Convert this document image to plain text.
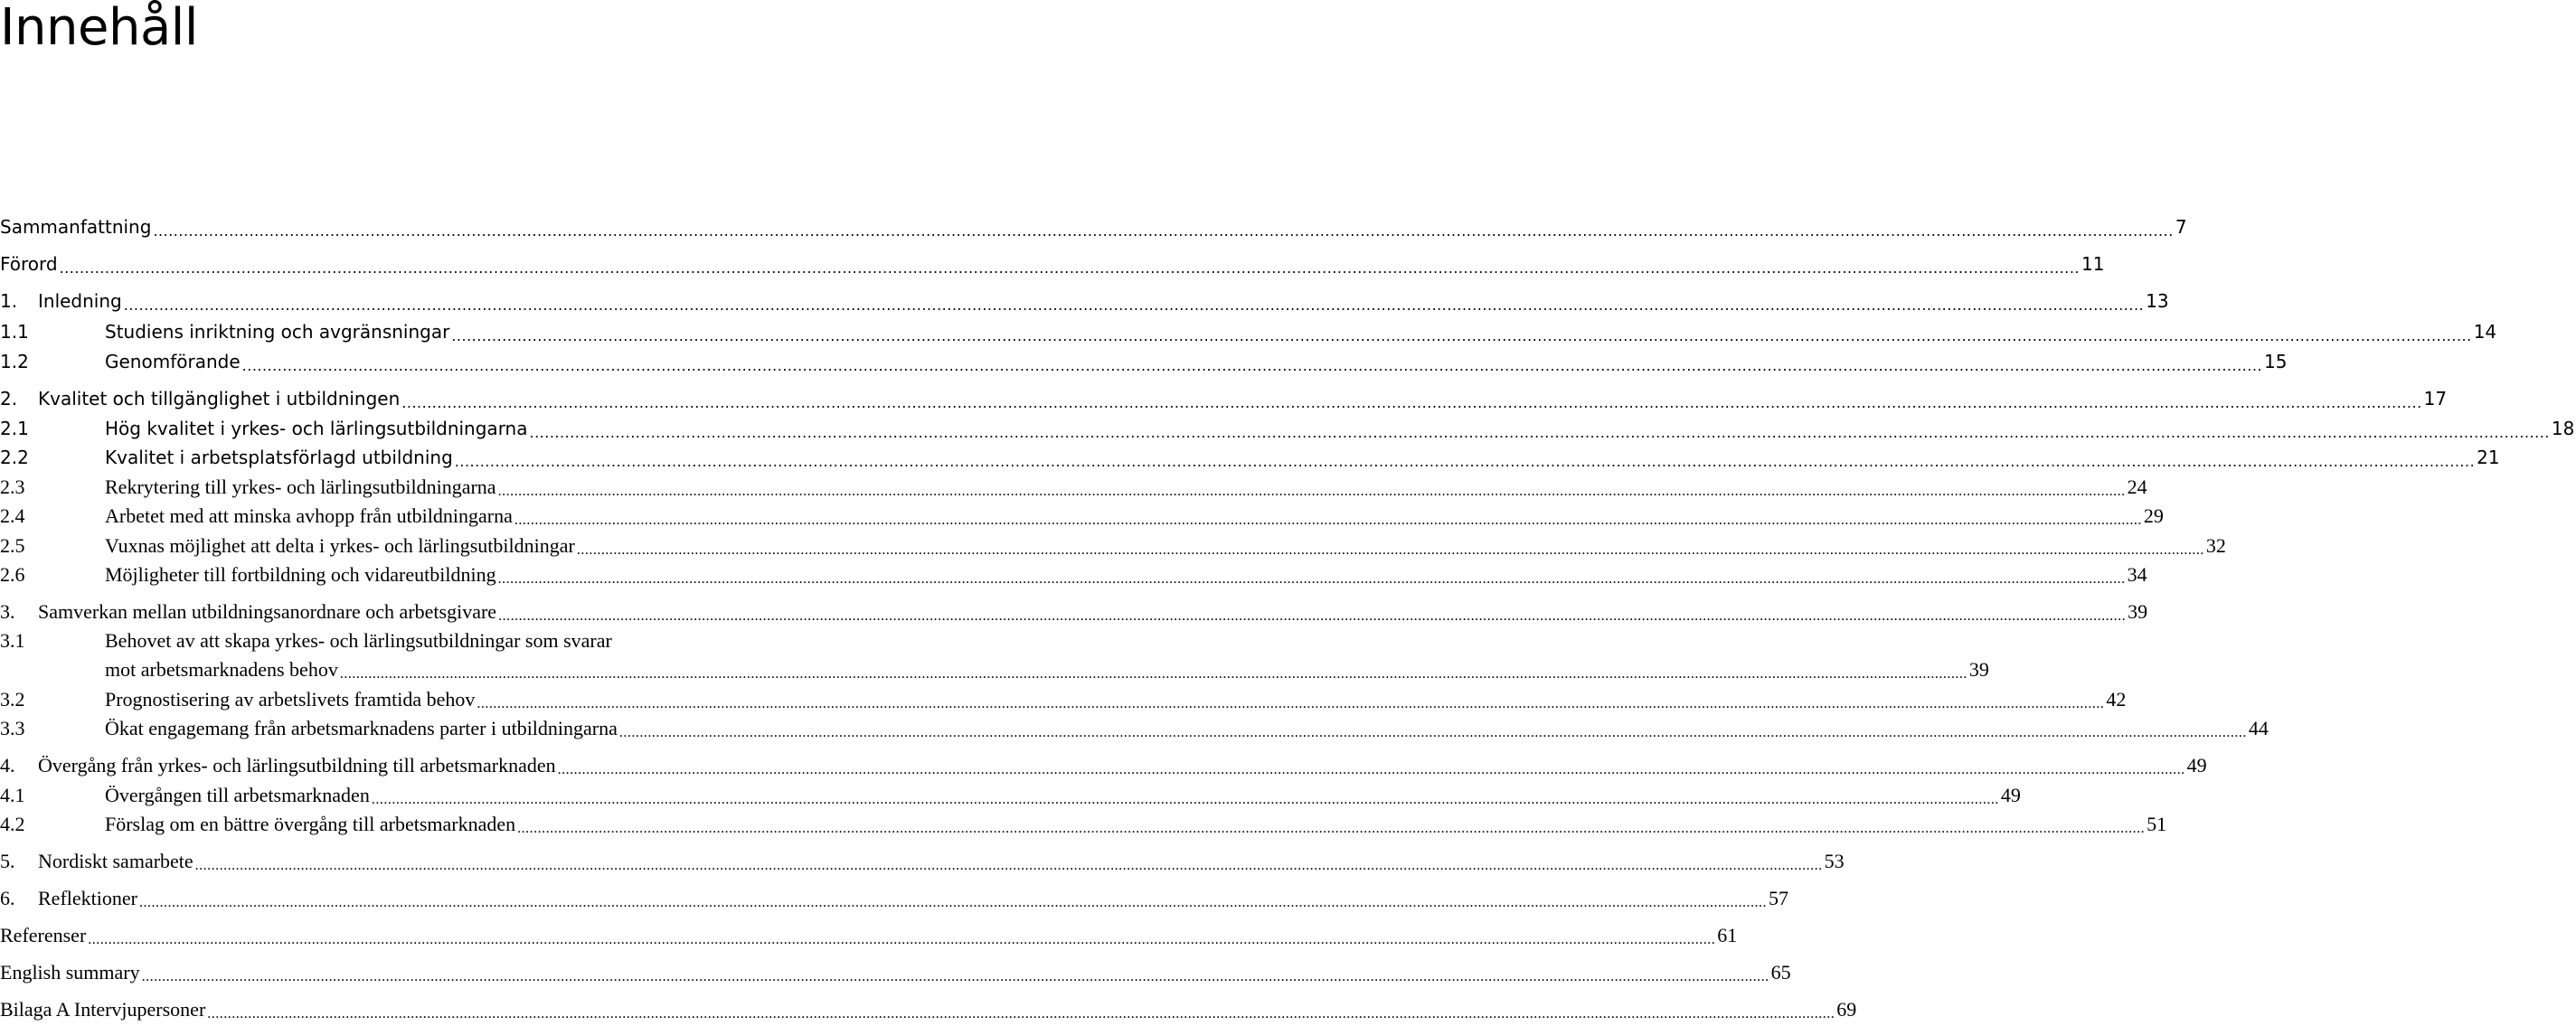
Innehåll
Sammanfattning ................................................................................................................................................................................................................................................................................................................................................................................................................ 7
Förord ................................................................................................................................................................................................................................................................................................................................................................................................................ 11
1.	Inledning ................................................................................................................................................................................................................................................................................................................................................................................................................ 13
1.1	Studiens inriktning och avgränsningar ................................................................................................................................................................................................................................................................................................................................................................................................................ 14
1.2	Genomförande ................................................................................................................................................................................................................................................................................................................................................................................................................ 15
2.	Kvalitet och tillgänglighet i utbildningen ................................................................................................................................................................................................................................................................................................................................................................................................................ 17
2.1	Hög kvalitet i yrkes- och lärlingsutbildningarna ................................................................................................................................................................................................................................................................................................................................................................................................................ 18
2.2	Kvalitet i arbetsplatsförlagd utbildning ................................................................................................................................................................................................................................................................................................................................................................................................................ 21
2.3	Rekrytering till yrkes- och lärlingsutbildningarna ................................................................................................................................................................................................................................................................................................................................................................................................................ 24
2.4	Arbetet med att minska avhopp från utbildningarna ................................................................................................................................................................................................................................................................................................................................................................................................................ 29
2.5	Vuxnas möjlighet att delta i yrkes- och lärlingsutbildningar ................................................................................................................................................................................................................................................................................................................................................................................................................ 32
2.6	Möjligheter till fortbildning och vidareutbildning ................................................................................................................................................................................................................................................................................................................................................................................................................ 34
3.	Samverkan mellan utbildningsanordnare och arbetsgivare ................................................................................................................................................................................................................................................................................................................................................................................................................ 39
3.1	Behovet av att skapa yrkes- och lärlingsutbildningar som svarar
mot arbetsmarknadens behov ................................................................................................................................................................................................................................................................................................................................................................................................................ 39
3.2	Prognostisering av arbetslivets framtida behov ................................................................................................................................................................................................................................................................................................................................................................................................................ 42
3.3	Ökat engagemang från arbetsmarknadens parter i utbildningarna ................................................................................................................................................................................................................................................................................................................................................................................................................ 44
4.	Övergång från yrkes- och lärlingsutbildning till arbetsmarknaden ................................................................................................................................................................................................................................................................................................................................................................................................................ 49
4.1	Övergången till arbetsmarknaden ................................................................................................................................................................................................................................................................................................................................................................................................................ 49
4.2	Förslag om en bättre övergång till arbetsmarknaden ................................................................................................................................................................................................................................................................................................................................................................................................................ 51
5.	Nordiskt samarbete ................................................................................................................................................................................................................................................................................................................................................................................................................ 53
6.	Reflektioner ................................................................................................................................................................................................................................................................................................................................................................................................................ 57
Referenser ................................................................................................................................................................................................................................................................................................................................................................................................................ 61
English summary ................................................................................................................................................................................................................................................................................................................................................................................................................ 65
Bilaga A Intervjupersoner ................................................................................................................................................................................................................................................................................................................................................................................................................ 69
